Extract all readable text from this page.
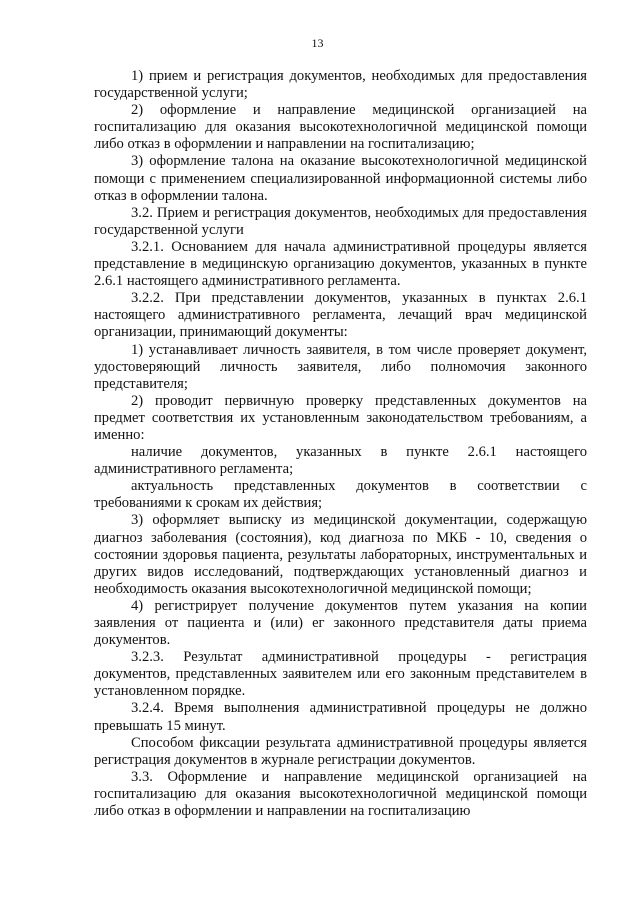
13

1) прием и регистрация документов, необходимых для предоставления государственной услуги;

2) оформление и направление медицинской организацией на госпитализацию для оказания высокотехнологичной медицинской помощи либо отказ в оформлении и направлении на госпитализацию;

3) оформление талона на оказание высокотехнологичной медицинской помощи с применением специализированной информационной системы либо отказ в оформлении талона.

3.2. Прием и регистрация документов, необходимых для предоставления государственной услуги

3.2.1. Основанием для начала административной процедуры является представление в медицинскую организацию документов, указанных в пункте 2.6.1 настоящего административного регламента.

3.2.2. При представлении документов, указанных в пунктах 2.6.1 настоящего административного регламента, лечащий врач медицинской организации, принимающий документы:

1) устанавливает личность заявителя, в том числе проверяет документ, удостоверяющий личность заявителя, либо полномочия законного представителя;

2) проводит первичную проверку представленных документов на предмет соответствия их установленным законодательством требованиям, а именно:

наличие документов, указанных в пункте 2.6.1 настоящего административного регламента;

актуальность представленных документов в соответствии с требованиями к срокам их действия;

3) оформляет выписку из медицинской документации, содержащую диагноз заболевания (состояния), код диагноза по МКБ - 10, сведения о состоянии здоровья пациента, результаты лабораторных, инструментальных и других видов исследований, подтверждающих установленный диагноз и необходимость оказания высокотехнологичной медицинской помощи;

4) регистрирует получение документов путем указания на копии заявления от пациента и (или) ег законного представителя даты приема документов.

3.2.3. Результат административной процедуры - регистрация документов, представленных заявителем или его законным представителем в установленном порядке.

3.2.4. Время выполнения административной процедуры не должно превышать 15 минут.

Способом фиксации результата административной процедуры является регистрация документов в журнале регистрации документов.

3.3. Оформление и направление медицинской организацией на госпитализацию для оказания высокотехнологичной медицинской помощи либо отказ в оформлении и направлении на госпитализацию
